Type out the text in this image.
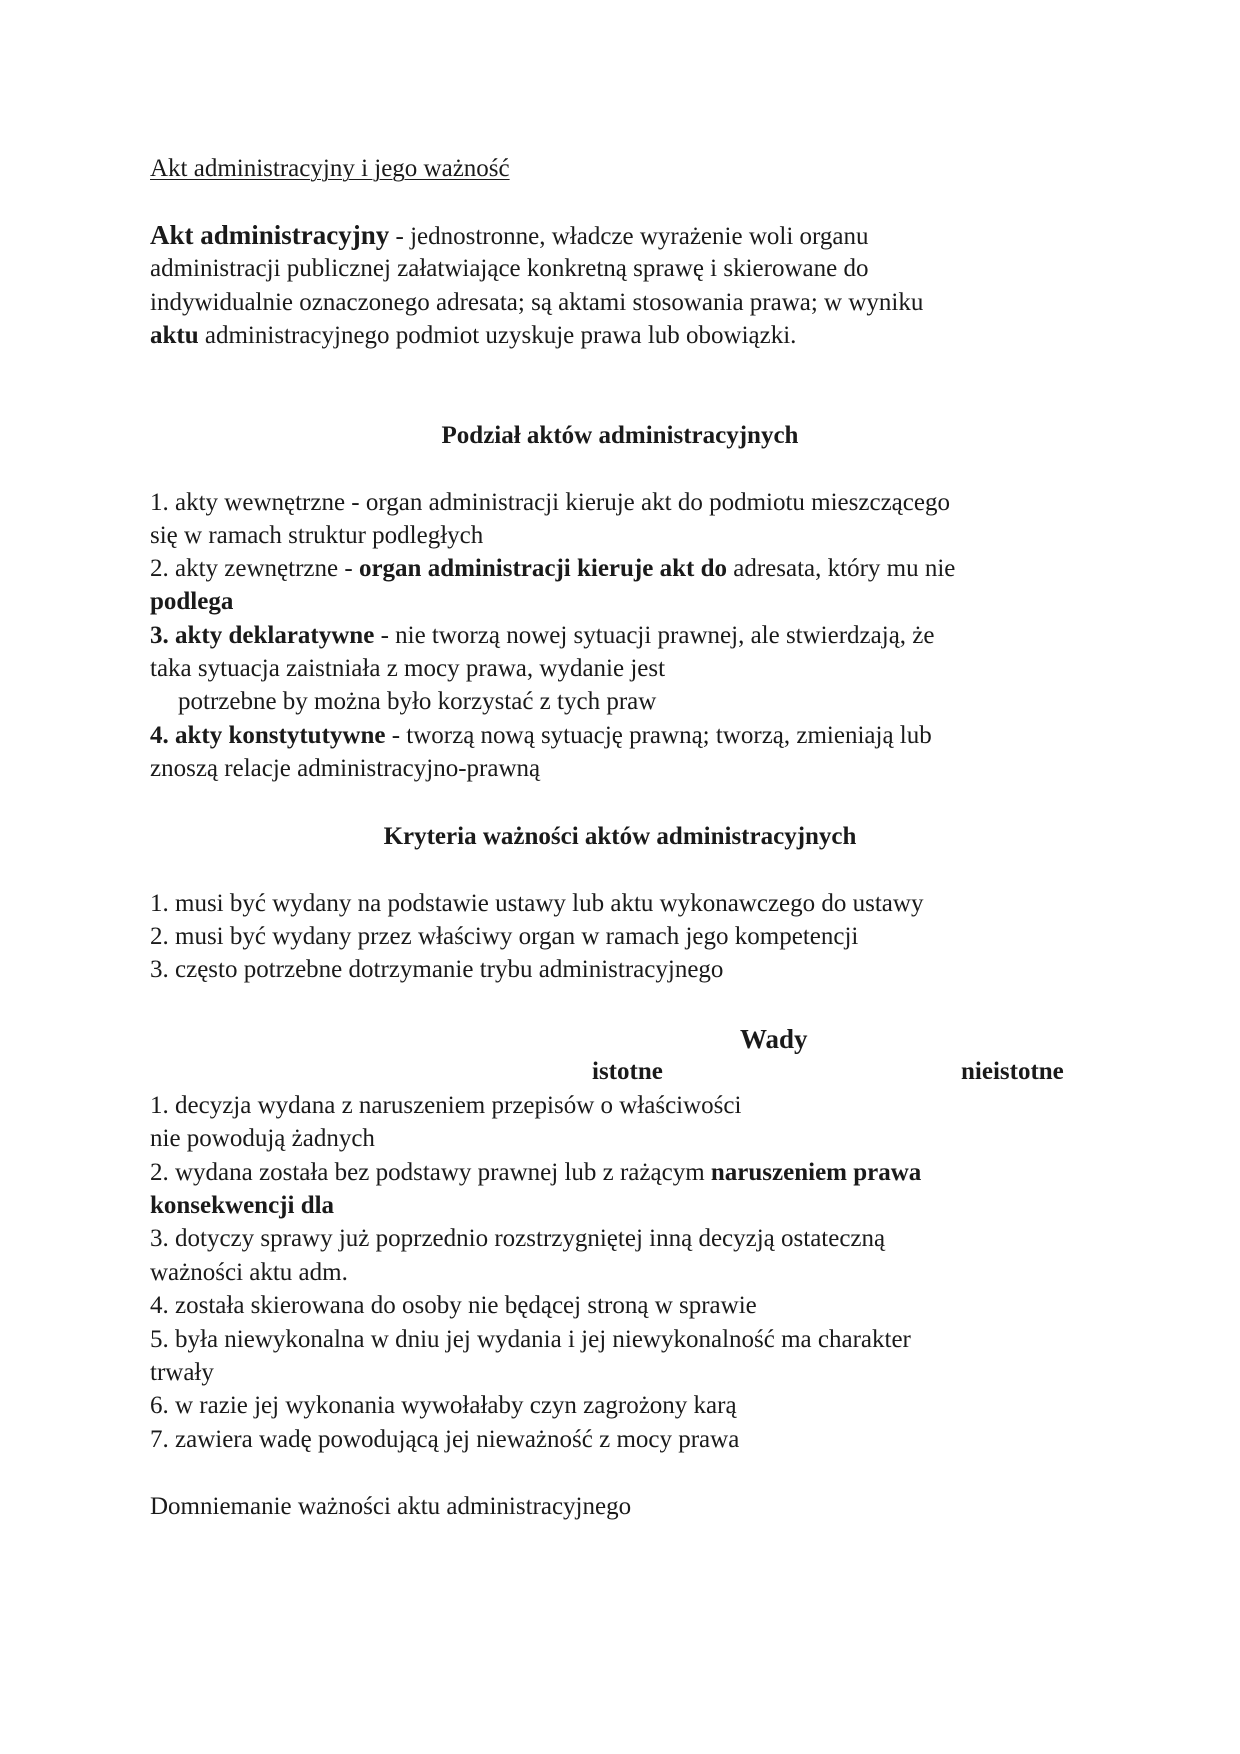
Akt administracyjny i jego ważność
Akt administracyjny - jednostronne, władcze wyrażenie woli organu
administracji publicznej załatwiające konkretną sprawę i skierowane do
indywidualnie oznaczonego adresata; są aktami stosowania prawa; w wyniku
aktu administracyjnego podmiot uzyskuje prawa lub obowiązki.
Podział aktów administracyjnych
1. akty wewnętrzne - organ administracji kieruje akt do podmiotu mieszczącego
się w ramach struktur podległych
2. akty zewnętrzne - organ administracji kieruje akt do adresata, który mu nie
podlega
3. akty deklaratywne - nie tworzą nowej sytuacji prawnej, ale stwierdzają, że
taka sytuacja zaistniała z mocy prawa, wydanie jest
potrzebne by można było korzystać z tych praw
4. akty konstytutywne - tworzą nową sytuację prawną; tworzą, zmieniają lub
znoszą relacje administracyjno-prawną
Kryteria ważności aktów administracyjnych
1. musi być wydany na podstawie ustawy lub aktu wykonawczego do ustawy
2. musi być wydany przez właściwy organ w ramach jego kompetencji
3. często potrzebne dotrzymanie trybu administracyjnego
Wady
istotne	nieistotne
1. decyzja wydana z naruszeniem przepisów o właściwości
nie powodują żadnych
2. wydana została bez podstawy prawnej lub z rażącym naruszeniem prawa
konsekwencji dla
3. dotyczy sprawy już poprzednio rozstrzygniętej inną decyzją ostateczną
ważności aktu adm.
4. została skierowana do osoby nie będącej stroną w sprawie
5. była niewykonalna w dniu jej wydania i jej niewykonalność ma charakter
trwały
6. w razie jej wykonania wywołałaby czyn zagrożony karą
7. zawiera wadę powodującą jej nieważność z mocy prawa
Domniemanie ważności aktu administracyjnego
